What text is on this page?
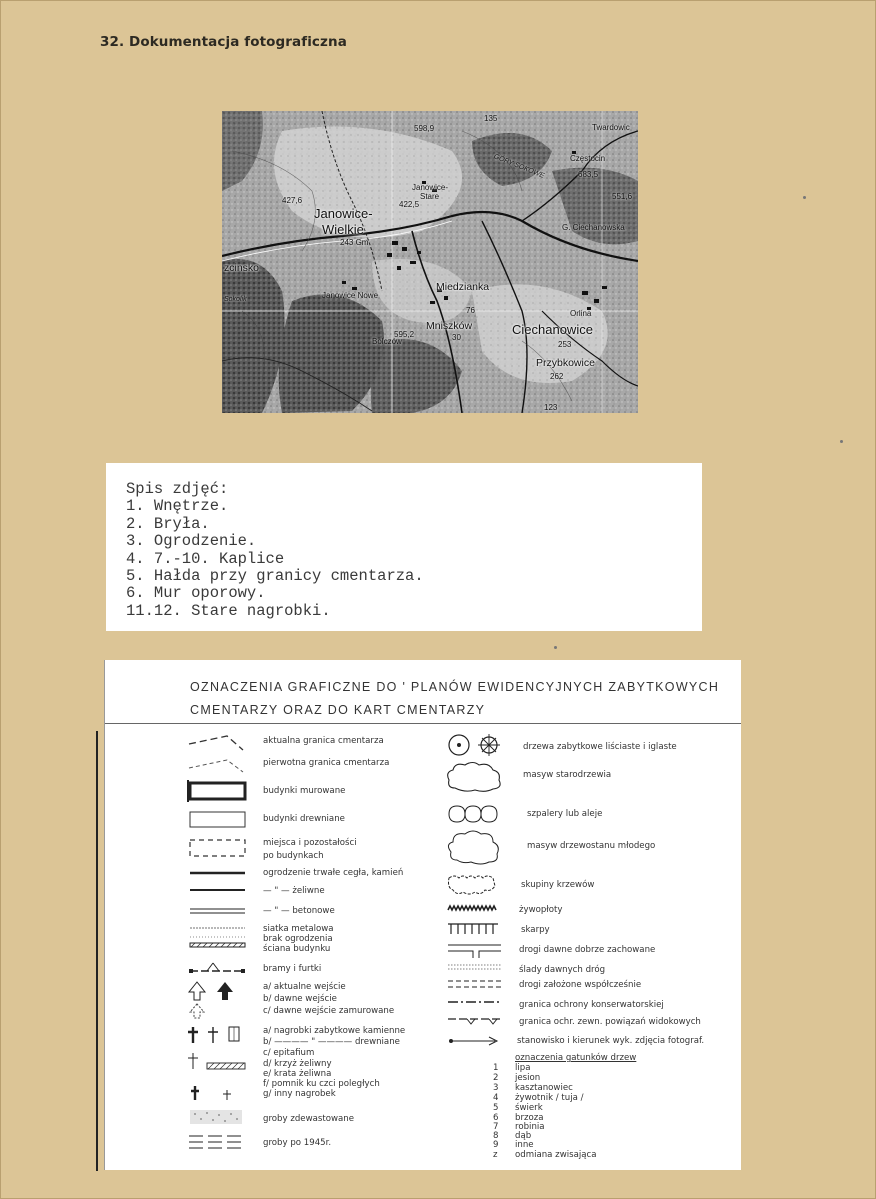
32. Dokumentacja fotograficzna
Janowice-
Wielkie
Miedzianka
Mniszków	Ciechanowice
Przybkowice
Janowice Nowe
Janowice-
Stare
Częstocin
Twardowic
G. Ciechanowska
Orlina
Bolczów
zcinsko
Sokolik
GÓRY SOKOWE
598,9
135
427,6	422,5
243 Gm
551,6
683,5
595,2
253
123
30
76
262
Spis zdjęć:
1. Wnętrze.
2. Bryła.
3. Ogrodzenie.
4. 7.-10. Kaplice
5. Hałda przy granicy cmentarza.
6. Mur oporowy.
11.12. Stare nagrobki.
OZNACZENIA GRAFICZNE DO ' PLANÓW EWIDENCYJNYCH ZABYTKOWYCH
CMENTARZY ORAZ DO KART CMENTARZY
aktualna granica cmentarza
pierwotna granica cmentarza
budynki murowane
budynki drewniane
miejsca i pozostałości
po budynkach
ogrodzenie trwałe cegła, kamień
— " — żeliwne
— " — betonowe
siatka metalowa
brak ogrodzenia
ściana budynku
bramy i furtki
a/ aktualne wejście
b/ dawne wejście
c/ dawne wejście zamurowane
a/ nagrobki zabytkowe kamienne
b/ ———— " ———— drewniane
c/ epitafium
d/ krzyż żeliwny
e/ krata żeliwna
f/ pomnik ku czci poległych
g/ inny nagrobek
groby zdewastowane
groby po 1945r.
drzewa zabytkowe liściaste i iglaste
masyw starodrzewia
szpalery lub aleje
masyw drzewostanu młodego
skupiny krzewów
żywopłoty
skarpy
drogi dawne dobrze zachowane
ślady dawnych dróg
drogi założone współcześnie
granica ochrony konserwatorskiej
granica ochr. zewn. powiązań widokowych
stanowisko i kierunek wyk. zdjęcia fotograf.
oznaczenia gatunków drzew
1
2
3
4
5
6
7
8
9
z
lipa
jesion
kasztanowiec
żywotnik / tuja /
świerk
brzoza
robinia
dąb
inne
odmiana zwisająca
